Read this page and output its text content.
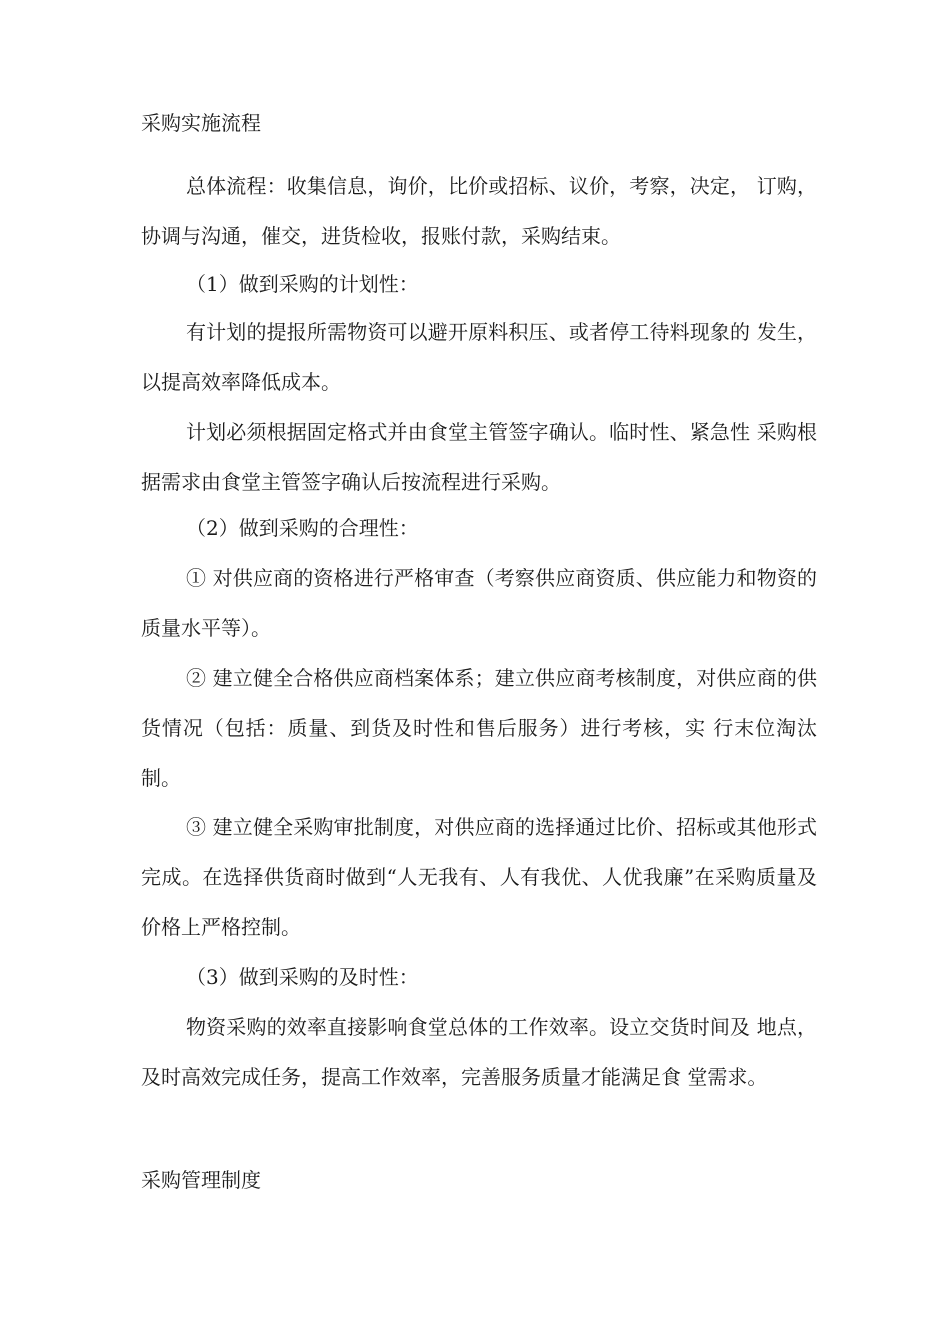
采购实施流程

总体流程：收集信息，询价，比价或招标、议价，考察，决定， 订购，协调与沟通，催交，进货检收，报账付款，采购结束。

（1）做到采购的计划性：

有计划的提报所需物资可以避开原料积压、或者停工待料现象的 发生，以提高效率降低成本。

计划必须根据固定格式并由食堂主管签字确认。临时性、紧急性 采购根据需求由食堂主管签字确认后按流程进行采购。

（2）做到采购的合理性：

① 对供应商的资格进行严格审查（考察供应商资质、供应能力和物资的质量水平等）。

② 建立健全合格供应商档案体系；建立供应商考核制度，对供应商的供货情况（包括：质量、到货及时性和售后服务）进行考核，实 行末位淘汰制。

③ 建立健全采购审批制度，对供应商的选择通过比价、招标或其他形式完成。在选择供货商时做到“人无我有、人有我优、人优我廉”在采购质量及价格上严格控制。

（3）做到采购的及时性：

物资采购的效率直接影响食堂总体的工作效率。设立交货时间及 地点，及时高效完成任务，提高工作效率，完善服务质量才能满足食 堂需求。

采购管理制度
